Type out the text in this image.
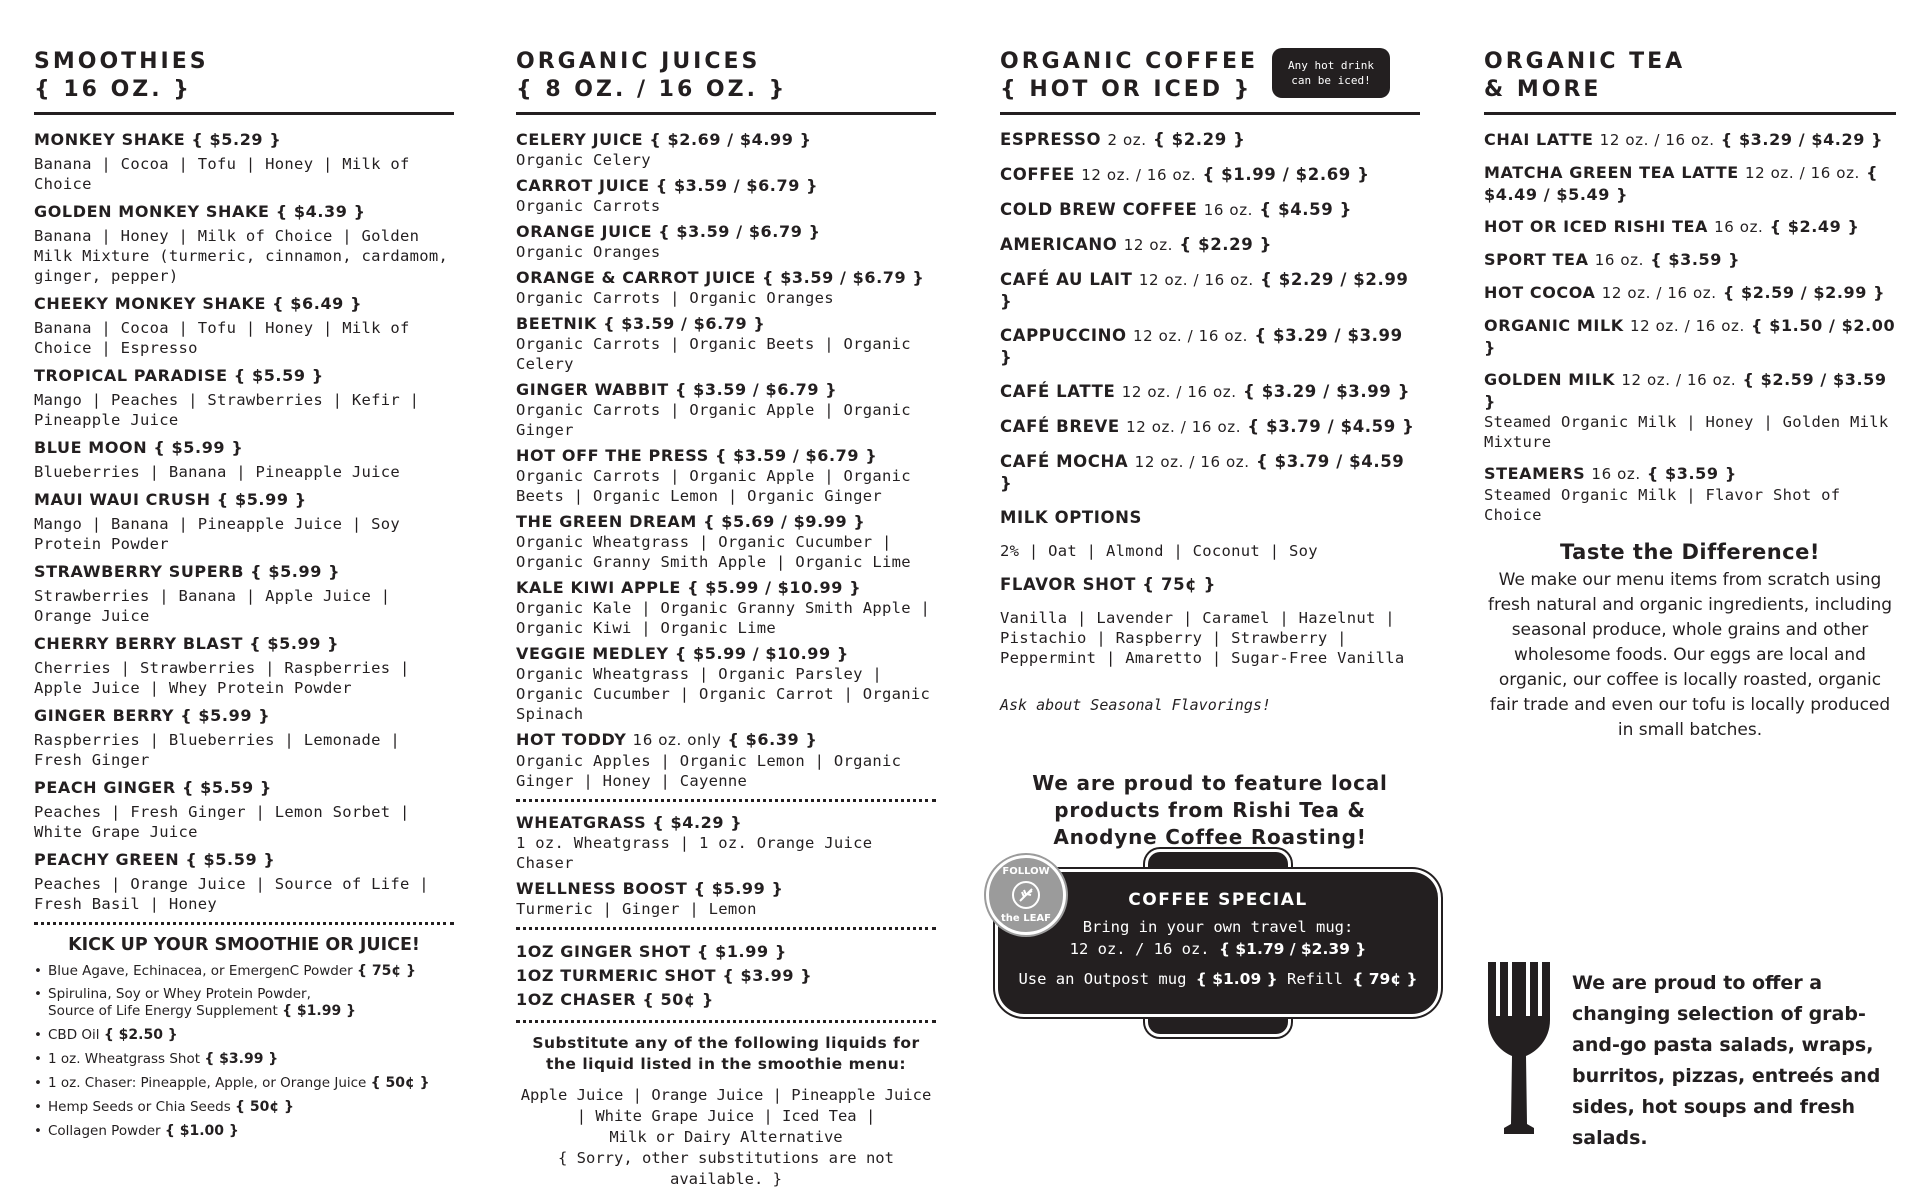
SMOOTHIES
{ 16 OZ. }
MONKEY SHAKE { $5.29 }
Banana | Cocoa | Tofu | Honey | Milk of Choice
GOLDEN MONKEY SHAKE { $4.39 }
Banana | Honey | Milk of Choice | Golden Milk Mixture (turmeric, cinnamon, cardamom, ginger, pepper)
CHEEKY MONKEY SHAKE { $6.49 }
Banana | Cocoa | Tofu | Honey | Milk of Choice | Espresso
TROPICAL PARADISE { $5.59 }
Mango | Peaches | Strawberries | Kefir | Pineapple Juice
BLUE MOON { $5.99 }
Blueberries | Banana | Pineapple Juice
MAUI WAUI CRUSH { $5.99 }
Mango | Banana | Pineapple Juice | Soy Protein Powder
STRAWBERRY SUPERB { $5.99 }
Strawberries | Banana | Apple Juice | Orange Juice
CHERRY BERRY BLAST { $5.99 }
Cherries | Strawberries | Raspberries | Apple Juice | Whey Protein Powder
GINGER BERRY { $5.99 }
Raspberries | Blueberries | Lemonade | Fresh Ginger
PEACH GINGER { $5.59 }
Peaches | Fresh Ginger | Lemon Sorbet | White Grape Juice
PEACHY GREEN { $5.59 }
Peaches | Orange Juice | Source of Life | Fresh Basil | Honey
KICK UP YOUR SMOOTHIE OR JUICE!
• Blue Agave, Echinacea, or EmergenC Powder { 75¢ }
• Spirulina, Soy or Whey Protein Powder,
Source of Life Energy Supplement { $1.99 }
• CBD Oil { $2.50 }
• 1 oz. Wheatgrass Shot { $3.99 }
• 1 oz. Chaser: Pineapple, Apple, or Orange Juice { 50¢ }
• Hemp Seeds or Chia Seeds { 50¢ }
• Collagen Powder { $1.00 }
ORGANIC JUICES
{ 8 OZ. / 16 OZ. }
CELERY JUICE { $2.69 / $4.99 }
Organic Celery
CARROT JUICE { $3.59 / $6.79 }
Organic Carrots
ORANGE JUICE { $3.59 / $6.79 }
Organic Oranges
ORANGE & CARROT JUICE { $3.59 / $6.79 }
Organic Carrots | Organic Oranges
BEETNIK { $3.59 / $6.79 }
Organic Carrots | Organic Beets | Organic Celery
GINGER WABBIT { $3.59 / $6.79 }
Organic Carrots | Organic Apple | Organic Ginger
HOT OFF THE PRESS { $3.59 / $6.79 }
Organic Carrots | Organic Apple | Organic Beets | Organic Lemon | Organic Ginger
THE GREEN DREAM { $5.69 / $9.99 }
Organic Wheatgrass | Organic Cucumber | Organic Granny Smith Apple | Organic Lime
KALE KIWI APPLE { $5.99 / $10.99 }
Organic Kale | Organic Granny Smith Apple | Organic Kiwi | Organic Lime
VEGGIE MEDLEY { $5.99 / $10.99 }
Organic Wheatgrass | Organic Parsley | Organic Cucumber | Organic Carrot | Organic Spinach
HOT TODDY 16 oz. only { $6.39 }
Organic Apples | Organic Lemon | Organic Ginger | Honey | Cayenne
WHEATGRASS { $4.29 }
1 oz. Wheatgrass | 1 oz. Orange Juice Chaser
WELLNESS BOOST { $5.99 }
Turmeric | Ginger | Lemon
1OZ GINGER SHOT { $1.99 }
1OZ TURMERIC SHOT { $3.99 }
1OZ CHASER { 50¢ }
Substitute any of the following liquids for the liquid listed in the smoothie menu:
Apple Juice | Orange Juice | Pineapple Juice
| White Grape Juice | Iced Tea |
Milk or Dairy Alternative
{ Sorry, other substitutions are not available. }
ORGANIC COFFEE
{ HOT OR ICED }
Any hot drink
can be iced!
ESPRESSO 2 oz. { $2.29 }
COFFEE 12 oz. / 16 oz. { $1.99 / $2.69 }
COLD BREW COFFEE 16 oz. { $4.59 }
AMERICANO 12 oz. { $2.29 }
CAFÉ AU LAIT 12 oz. / 16 oz. { $2.29 / $2.99 }
CAPPUCCINO 12 oz. / 16 oz. { $3.29 / $3.99 }
CAFÉ LATTE 12 oz. / 16 oz. { $3.29 / $3.99 }
CAFÉ BREVE 12 oz. / 16 oz. { $3.79 / $4.59 }
CAFÉ MOCHA 12 oz. / 16 oz. { $3.79 / $4.59 }
MILK OPTIONS
2% | Oat | Almond | Coconut | Soy
FLAVOR SHOT { 75¢ }
Vanilla | Lavender | Caramel | Hazelnut | Pistachio | Raspberry | Strawberry | Peppermint | Amaretto | Sugar-Free Vanilla
Ask about Seasonal Flavorings!
We are proud to feature local products from Rishi Tea & Anodyne Coffee Roasting!
COFFEE SPECIAL
Bring in your own travel mug:
12 oz. / 16 oz. { $1.79 / $2.39 }
Use an Outpost mug { $1.09 } Refill { 79¢ }
FOLLOW
the LEAF
ORGANIC TEA
& MORE
CHAI LATTE 12 oz. / 16 oz. { $3.29 / $4.29 }
MATCHA GREEN TEA LATTE 12 oz. / 16 oz. { $4.49 / $5.49 }
HOT OR ICED RISHI TEA 16 oz. { $2.49 }
SPORT TEA 16 oz. { $3.59 }
HOT COCOA 12 oz. / 16 oz. { $2.59 / $2.99 }
ORGANIC MILK 12 oz. / 16 oz. { $1.50 / $2.00 }
GOLDEN MILK 12 oz. / 16 oz. { $2.59 / $3.59 }
Steamed Organic Milk | Honey | Golden Milk Mixture
STEAMERS 16 oz. { $3.59 }
Steamed Organic Milk | Flavor Shot of Choice
Taste the Difference!
We make our menu items from scratch using fresh natural and organic ingredients, including seasonal produce, whole grains and other wholesome foods. Our eggs are local and organic, our coffee is locally roasted, organic fair trade and even our tofu is locally produced in small batches.
We are proud to offer a changing selection of grab-and-go pasta salads, wraps, burritos, pizzas, entreés and sides, hot soups and fresh salads.
